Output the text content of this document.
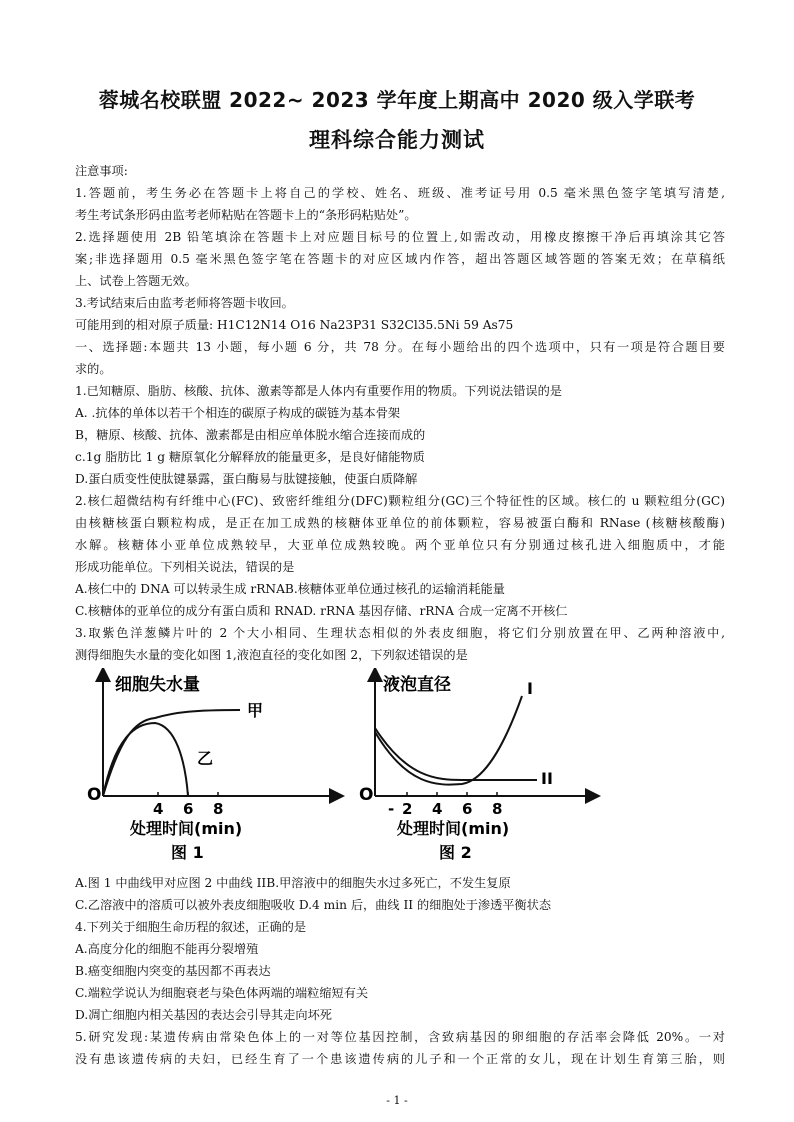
蓉城名校联盟 2022~ 2023 学年度上期高中 2020 级入学联考
理科综合能力测试
注意事项:
1.答题前，考生务必在答题卡上将自己的学校、姓名、班级、准考证号用 0.5 毫米黑色签字笔填写清楚,
考生考试条形码由监考老师粘贴在答题卡上的“条形码粘贴处”。
2.选择题使用 2B 铅笔填涂在答题卡上对应题目标号的位置上,如需改动，用橡皮擦擦干净后再填涂其它答
案;非选择题用 0.5 毫米黑色签字笔在答题卡的对应区域内作答，超出答题区域答题的答案无效；在草稿纸
上、试卷上答题无效。
3.考试结束后由监考老师将答题卡收回。
可能用到的相对原子质量: H1C12N14 O16 Na23P31 S32Cl35.5Ni 59 As75
一、选择题:本题共 13 小题，每小题 6 分，共 78 分。在每小题给出的四个选项中，只有一项是符合题目要
求的。
1.已知糖原、脂肪、核酸、抗体、激素等都是人体内有重要作用的物质。下列说法错误的是
A. .抗体的单体以若干个相连的碳原子构成的碳链为基本骨架
B，糖原、核酸、抗体、激素都是由相应单体脱水缩合连接而成的
c.1g 脂肪比 1 g 糖原氧化分解释放的能量更多，是良好储能物质
D.蛋白质变性使肽键暴露，蛋白酶易与肽键接触，使蛋白质降解
2.核仁超微结构有纤维中心(FC)、致密纤维组分(DFC)颗粒组分(GC)三个特征性的区域。核仁的 u 颗粒组分(GC)
由核糖核蛋白颗粒构成，是正在加工成熟的核糖体亚单位的前体颗粒，容易被蛋白酶和 RNase (核糖核酸酶)
水解。核糖体小亚单位成熟较早，大亚单位成熟较晚。两个亚单位只有分别通过核孔进入细胞质中，才能
形成功能单位。下列相关说法，错误的是
A.核仁中的 DNA 可以转录生成 rRNAB.核糖体亚单位通过核孔的运输消耗能量
C.核糖体的亚单位的成分有蛋白质和 RNAD. rRNA 基因存储、rRNA 合成一定离不开核仁
3.取紫色洋葱鳞片叶的 2 个大小相同、生理状态相似的外表皮细胞，将它们分别放置在甲、乙两种溶液中,
测得细胞失水量的变化如图 1,液泡直径的变化如图 2，下列叙述错误的是
细胞失水量
O
甲
乙
4 6 8
处理时间(min)
图 1
液泡直径
O
I
II
- 2 4 6 8
处理时间(min)
图 2
A.图 1 中曲线甲对应图 2 中曲线 IIB.甲溶液中的细胞失水过多死亡，不发生复原
C.乙溶液中的溶质可以被外表皮细胞吸收 D.4 min 后，曲线 II 的细胞处于渗透平衡状态
4.下列关于细胞生命历程的叙述，正确的是
A.高度分化的细胞不能再分裂增殖
B.癌变细胞内突变的基因都不再表达
C.端粒学说认为细胞衰老与染色体两端的端粒缩短有关
D.凋亡细胞内相关基因的表达会引导其走向坏死
5.研究发现:某遗传病由常染色体上的一对等位基因控制，含致病基因的卵细胞的存活率会降低 20%。一对
没有患该遗传病的夫妇，已经生育了一个患该遗传病的儿子和一个正常的女儿，现在计划生育第三胎，则
- 1 -
